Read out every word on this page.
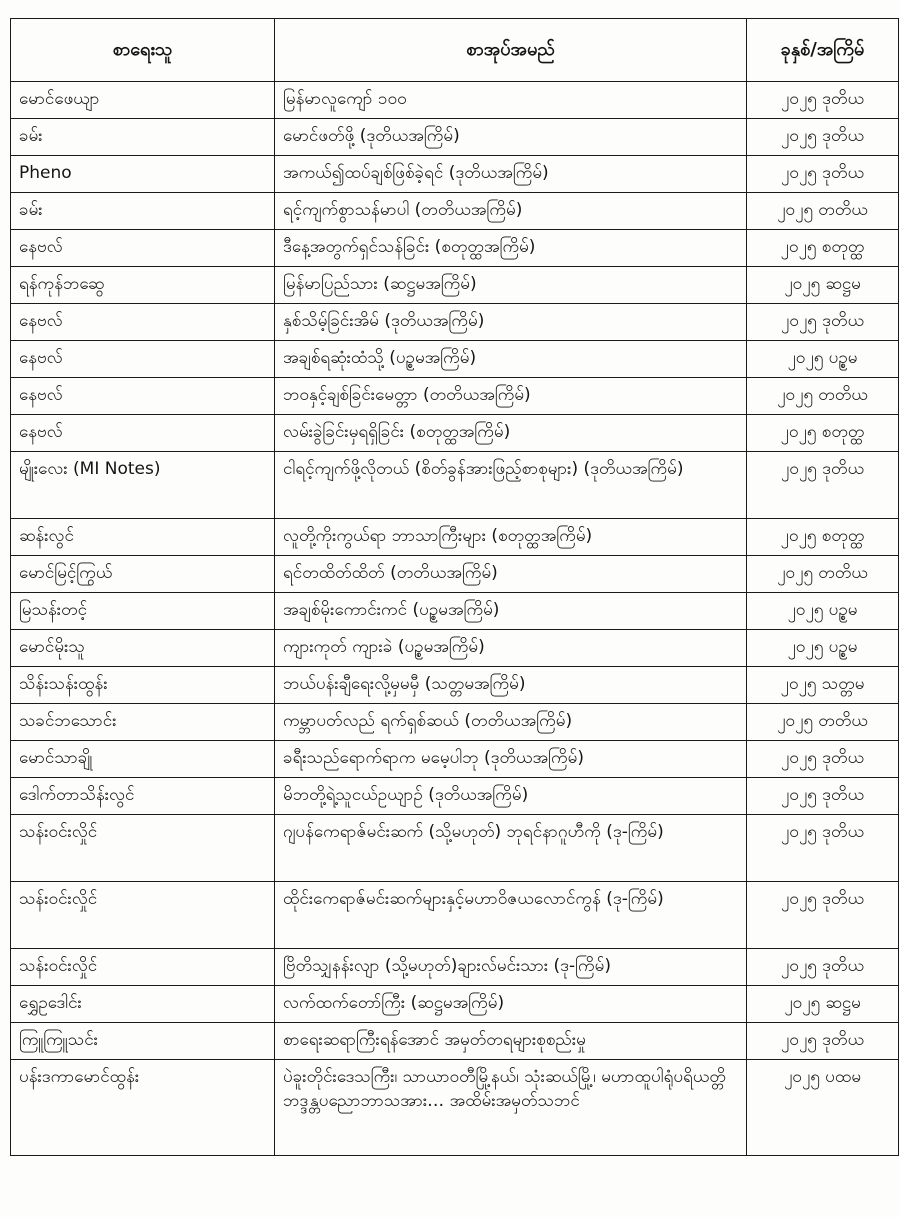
စာရေးသူ	စာအုပ်အမည်	ခုနှစ်/အကြိမ်
မောင်ဖေယျာ	မြန်မာလူကျော် ၁၀၀	၂၀၂၅ ဒုတိယ
ခမ်း	မောင်ဖတ်ဖို့ (ဒုတိယအကြိမ်)	၂၀၂၅ ဒုတိယ
Pheno	အကယ်၍ထပ်ချစ်ဖြစ်ခဲ့ရင် (ဒုတိယအကြိမ်)	၂၀၂၅ ဒုတိယ
ခမ်း	ရင့်ကျက်စွာသန်မာပါ (တတိယအကြိမ်)	၂၀၂၅ တတိယ
နေဗလ်	ဒီနေ့အတွက်ရှင်သန်ခြင်း (စတုတ္ထအကြိမ်)	၂၀၂၅ စတုတ္ထ
ရန်ကုန်ဘဆွေ	မြန်မာပြည်သား (ဆဋ္ဌမအကြိမ်)	၂၀၂၅ ဆဋ္ဌမ
နေဗလ်	နှစ်သိမ့်ခြင်းအိမ် (ဒုတိယအကြိမ်)	၂၀၂၅ ဒုတိယ
နေဗလ်	အချစ်ရဆုံးထံသို့ (ပဉ္စမအကြိမ်)	၂၀၂၅ ပဉ္စမ
နေဗလ်	ဘဝနှင့်ချစ်ခြင်းမေတ္တာ (တတိယအကြိမ်)	၂၀၂၅ တတိယ
နေဗလ်	လမ်းခွဲခြင်းမှရရှိခြင်း (စတုတ္ထအကြိမ်)	၂၀၂၅ စတုတ္ထ
မျိုးလေး (MI Notes)	ငါရင့်ကျက်ဖို့လိုတယ် (စိတ်ခွန်အားဖြည့်စာစုများ) (ဒုတိယအကြိမ်)	၂၀၂၅ ဒုတိယ
ဆန်းလွင်	လူတို့ကိုးကွယ်ရာ ဘာသာကြီးများ (စတုတ္ထအကြိမ်)	၂၀၂၅ စတုတ္ထ
မောင်မြင့်ကြွယ်	ရင်တထိတ်ထိတ် (တတိယအကြိမ်)	၂၀၂၅ တတိယ
မြသန်းတင့်	အချစ်မိုးကောင်းကင် (ပဉ္စမအကြိမ်)	၂၀၂၅ ပဉ္စမ
မောင်မိုးသူ	ကျားကုတ် ကျားခဲ (ပဉ္စမအကြိမ်)	၂၀၂၅ ပဉ္စမ
သိန်းသန်းထွန်း	ဘယ်ပန်းချီရေးလို့မှမမှီ (သတ္တမအကြိမ်)	၂၀၂၅ သတ္တမ
သခင်ဘသောင်း	ကမ္ဘာပတ်လည် ရက်ရှစ်ဆယ် (တတိယအကြိမ်)	၂၀၂၅ တတိယ
မောင်သာချို	ခရီးသည်ရောက်ရာက မမေ့ပါဘု (ဒုတိယအကြိမ်)	၂၀၂၅ ဒုတိယ
ဒေါက်တာသိန်းလွင်	မိဘတို့ရဲ့သူငယ်ဥယျာဉ် (ဒုတိယအကြိမ်)	၂၀၂၅ ဒုတိယ
သန်းဝင်းလှိုင်	ဂျပန်ကေရာဇ်မင်းဆက် (သို့မဟုတ်) ဘုရင်နာဂူဟီကို (ဒု-ကြိမ်)	၂၀၂၅ ဒုတိယ
သန်းဝင်းလှိုင်	ထိုင်းကေရာဇ်မင်းဆက်များနှင့်မဟာဝိဇယလောင်ကွန် (ဒု-ကြိမ်)	၂၀၂၅ ဒုတိယ
သန်းဝင်းလှိုင်	ဗြိတိသျှနန်းလျာ (သို့မဟုတ်)ချားလ်မင်းသား (ဒု-ကြိမ်)	၂၀၂၅ ဒုတိယ
ရွှေဥဒေါင်း	လက်ထက်တော်ကြီး (ဆဋ္ဌမအကြိမ်)	၂၀၂၅ ဆဋ္ဌမ
ကြူကြူသင်း	စာရေးဆရာကြီးရန်အောင် အမှတ်တရများစုစည်းမှု	၂၀၂၅ ဒုတိယ
ပန်းဒကာမောင်ထွန်း	ပဲခူးတိုင်းဒေသကြီး၊ သာယာဝတီမြို့နယ်၊ သုံးဆယ်မြို့၊ မဟာထူပါရုံပရိယတ္တိဘဒ္ဒန္တပညောဘာသအား… အထိမ်းအမှတ်သဘင်	၂၀၂၅ ပထမ
